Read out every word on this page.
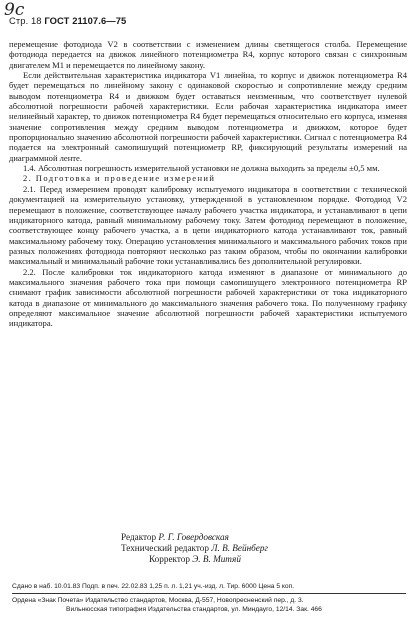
9c
Стр. 18 ГОСТ 21107.6—75

перемещение фотодиода V2 в соответствии с изменением длины светящегося столба. Перемещение фотодиода передается на движок линейного потенциометра R4, корпус которого связан с синхронным двигателем M1 и перемещается по линейному закону.

Если действительная характеристика индикатора V1 линейна, то корпус и движок потенциометра R4 будет перемещаться по линейному закону с одинаковой скоростью и сопротивление между средним выводом потенциометра R4 и движком будет оставаться неизменным, что соответствует нулевой абсолютной погрешности рабочей характеристики. Если рабочая характеристика индикатора имеет нелинейный характер, то движок потенциометра R4 будет перемещаться относительно его корпуса, изменяя значение сопротивления между средним выводом потенциометра и движком, которое будет пропорционально значению абсолютной погрешности рабочей характеристики. Сигнал с потенциометра R4 подается на электронный самопишущий потенциометр RP, фиксирующий результаты измерений на диаграммной ленте.

1.4. Абсолютная погрешность измерительной установки не должна выходить за пределы ±0,5 мм.

2. Подготовка и проведение измерений

2.1. Перед измерением проводят калибровку испытуемого индикатора в соответствии с технической документацией на измерительную установку, утвержденной в установленном порядке. Фотодиод V2 перемещают в положение, соответствующее началу рабочего участка индикатора, и устанавливают в цепи индикаторного катода, равный минимальному рабочему току. Затем фотодиод перемещают в положение, соответствующее концу рабочего участка, а в цепи индикаторного катода устанавливают ток, равный максимальному рабочему току. Операцию установления минимального и максимального рабочих токов при разных положениях фотодиода повторяют несколько раз таким образом, чтобы по окончании калибровки максимальный и минимальный рабочие токи устанавливались без дополнительной регулировки.

2.2. После калибровки ток индикаторного катода изменяют в диапазоне от минимального до максимального значения рабочего тока при помощи самопишущего электронного потенциометра RP снимают график зависимости абсолютной погрешности рабочей характеристики от тока индикаторного катода в диапазоне от минимального до максимального значения рабочего тока. По полученному графику определяют максимальное значение абсолютной погрешности рабочей характеристики испытуемого индикатора.

Редактор Р. Г. Говердовская
Технический редактор Л. В. Вейнберг
Корректор Э. В. Митяй
Сдано в наб. 10.01.83 Подп. в печ. 22.02.83 1,25 п. л. 1,21 уч.-изд. л. Тир. 6000 Цена 5 коп.
Ордена «Знак Почета» Издательство стандартов, Москва, Д-557, Новопресненский пер., д. 3.
Вильнюсская типография Издательства стандартов, ул. Миндауго, 12/14. Зак. 466
